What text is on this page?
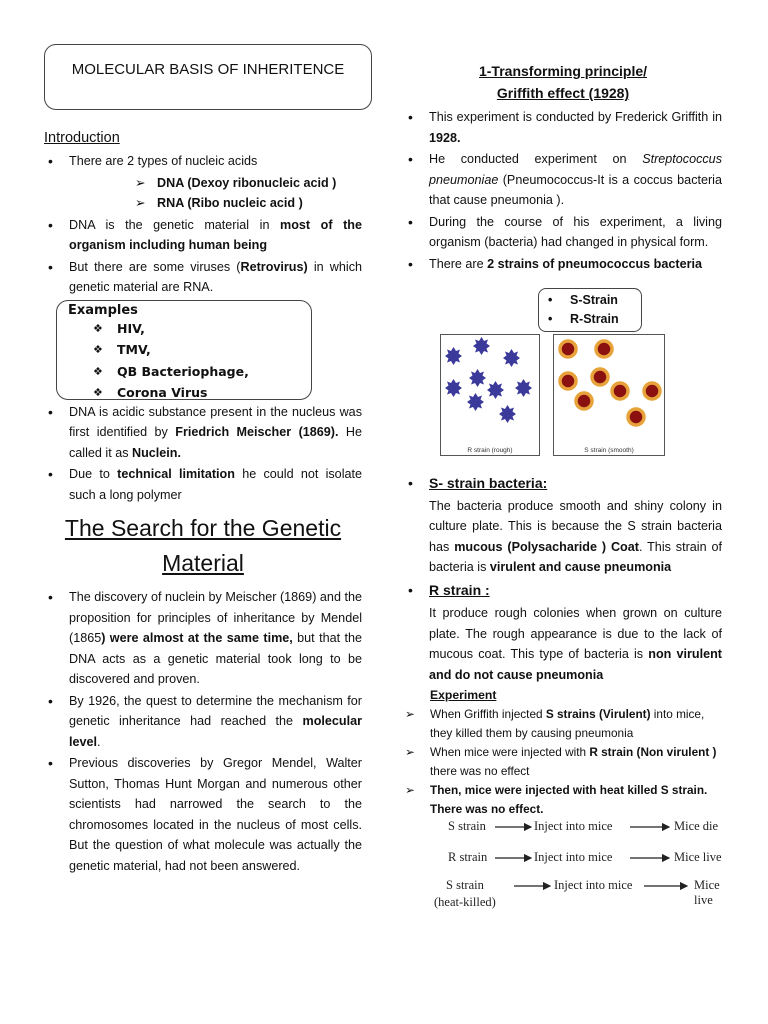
MOLECULAR BASIS OF INHERITENCE
Introduction
• There are 2 types of nucleic acids
➢ DNA (Dexoy ribonucleic acid )
➢ RNA (Ribo nucleic acid )
• DNA is the genetic material in most of the organism including human being
• But there are some viruses (Retrovirus) in which genetic material are RNA.
Examples
❖ HIV,
❖ TMV,
❖ QB Bacteriophage,
❖ Corona Virus
• DNA is acidic substance present in the nucleus was first identified by Friedrich Meischer (1869). He called it as Nuclein.
• Due to technical limitation he could not isolate such a long polymer
The Search for the Genetic Material
• The discovery of nuclein by Meischer (1869) and the proposition for principles of inheritance by Mendel (1865) were almost at the same time, but that the DNA acts as a genetic material took long to be discovered and proven.
• By 1926, the quest to determine the mechanism for genetic inheritance had reached the molecular level.
• Previous discoveries by Gregor Mendel, Walter Sutton, Thomas Hunt Morgan and numerous other scientists had narrowed the search to the chromosomes located in the nucleus of most cells. But the question of what molecule was actually the genetic material, had not been answered.
1-Transforming principle/
Griffith effect (1928)
• This experiment is conducted by Frederick Griffith in 1928.
• He conducted experiment on Streptococcus pneumoniae (Pneumococcus-It is a coccus bacteria that cause pneumonia ).
• During the course of his experiment, a living organism (bacteria) had changed in physical form.
• There are 2 strains of pneumococcus bacteria
• S-Strain
• R-Strain
R strain (rough)	S strain (smooth)
• S- strain bacteria:
The bacteria produce smooth and shiny colony in culture plate. This is because the S strain bacteria has mucous (Polysacharide ) Coat. This strain of bacteria is virulent and cause pneumonia
• R strain :
It produce rough colonies when grown on culture plate. The rough appearance is due to the lack of mucous coat. This type of bacteria is non virulent and do not cause pneumonia
Experiment
➢ When Griffith injected S strains (Virulent) into mice, they killed them by causing pneumonia
➢ When mice were injected with R strain (Non virulent ) there was no effect
➢ Then, mice were injected with heat killed S strain. There was no effect.
S strain	Inject into mice	Mice die
R strain	Inject into mice	Mice live
S strain	Inject into mice	Mice live
(heat-killed)
